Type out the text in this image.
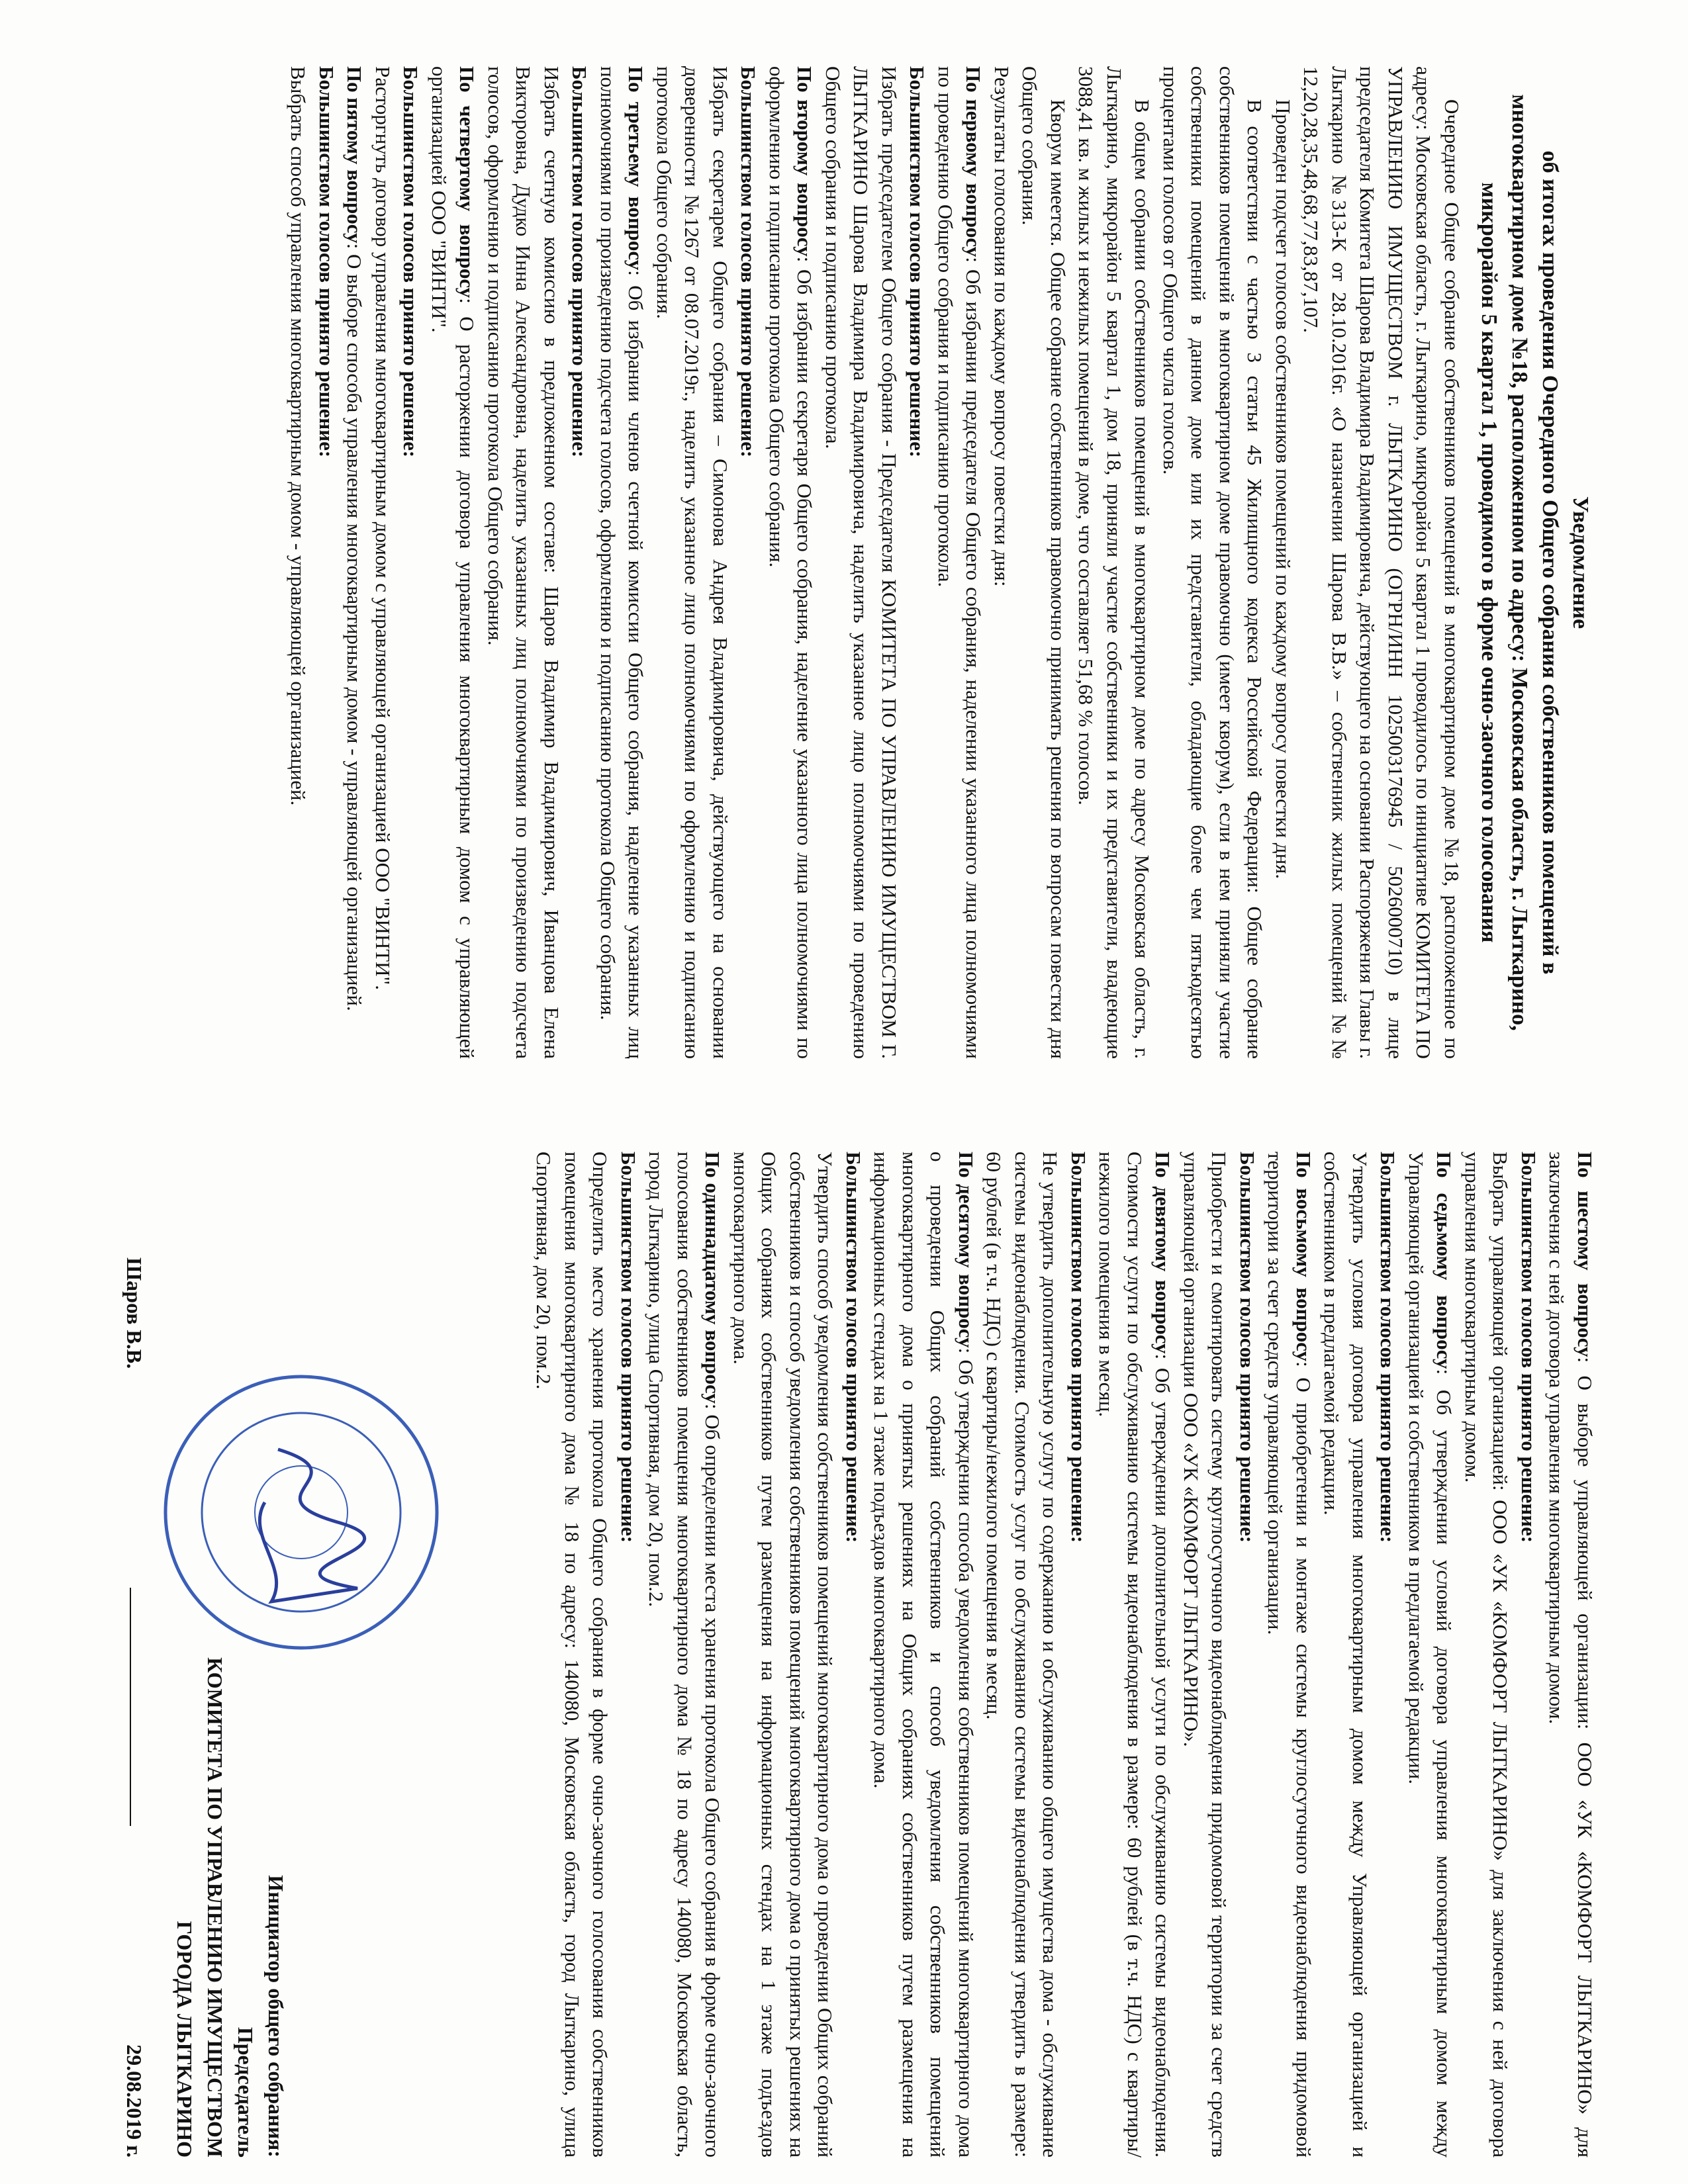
Уведомление
об итогах проведения Очередного Общего собрания собственников помещений в
многоквартирном доме №18, расположенном по адресу: Московская область, г. Лыткарино,
микрорайон 5 квартал 1, проводимого в форме очно-заочного голосования

Очередное Общее собрание собственников помещений в многоквартирном доме №18, расположенное по адресу: Московская область, г. Лыткарино, микрорайон 5 квартал 1 проводилось по инициативе КОМИТЕТА ПО УПРАВЛЕНИЮ ИМУЩЕСТВОМ г. ЛЫТКАРИНО (ОГРН/ИНН 1025003176945 / 5026000710) в лице председателя Комитета Шарова Владимира Владимировича, действующего на основании Распоряжения Главы г. Лыткарино №313-К от 28.10.2016г. «О назначении Шарова В.В.» – собственник жилых помещений №№ 12,20,28,35,48,68,77,83,87,107.

Проведен подсчет голосов собственников помещений по каждому вопросу повестки дня.

В соответствии с частью 3 статьи 45 Жилищного кодекса Российской Федерации: Общее собрание собственников помещений в многоквартирном доме правомочно (имеет кворум), если в нем приняли участие собственники помещений в данном доме или их представители, обладающие более чем пятьюдесятью процентами голосов от Общего числа голосов.

В общем собрании собственников помещений в многоквартирном доме по адресу Московская область, г. Лыткарино, микрорайон 5 квартал 1, дом 18, приняли участие собственники и их представители, владеющие 3088,41 кв. м жилых и нежилых помещений в доме, что составляет 51,68 % голосов.

Кворум имеется. Общее собрание собственников правомочно принимать решения по вопросам повестки дня Общего собрания.

Результаты голосования по каждому вопросу повестки дня:

По первому вопросу: Об избрании председателя Общего собрания, наделении указанного лица полномочиями по проведению Общего собрания и подписанию протокола.

Большинством голосов принято решение:

Избрать председателем Общего собрания - Председателя КОМИТЕТА ПО УПРАВЛЕНИЮ ИМУЩЕСТВОМ Г. ЛЫТКАРИНО Шарова Владимира Владимировича, наделить указанное лицо полномочиями по проведению Общего собрания и подписанию протокола.

По второму вопросу: Об избрании секретаря Общего собрания, наделение указанного лица полномочиями по оформлению и подписанию протокола Общего собрания.

Большинством голосов принято решение:

Избрать секретарем Общего собрания – Симонова Андрея Владимировича, действующего на основании доверенности №1267 от 08.07.2019г., наделить указанное лицо полномочиями по оформлению и подписанию протокола Общего собрания.

По третьему вопросу: Об избрании членов счетной комиссии Общего собрания, наделение указанных лиц полномочиями по произведению подсчета голосов, оформлению и подписанию протокола Общего собрания.

Большинством голосов принято решение:

Избрать счетную комиссию в предложенном составе: Шаров Владимир Владимирович, Иванцова Елена Викторовна, Дудко Инна Александровна, наделить указанных лиц полномочиями по произведению подсчета голосов, оформлению и подписанию протокола Общего собрания.

По четвертому вопросу: О расторжении договора управления многоквартирным домом с управляющей организацией ООО "ВИНТИ".

Большинством голосов принято решение:

Расторгнуть договор управления многоквартирным домом с управляющей организацией ООО "ВИНТИ".

По пятому вопросу: О выборе способа управления многоквартирным домом - управляющей организацией.

Большинством голосов принято решение:

Выбрать способ управления многоквартирным домом - управляющей организацией.

По шестому вопросу: О выборе управляющей организации: ООО «УК «КОМФОРТ ЛЫТКАРИНО» для заключения с ней договора управления многоквартирным домом.

Большинством голосов принято решение:

Выбрать управляющей организацией: ООО «УК «КОМФОРТ ЛЫТКАРИНО» для заключения с ней договора управления многоквартирным домом.

По седьмому вопросу: Об утверждении условий договора управления многоквартирным домом между Управляющей организацией и собственником в предлагаемой редакции.

Большинством голосов принято решение:

Утвердить условия договора управления многоквартирным домом между Управляющей организацией и собственником в предлагаемой редакции.

По восьмому вопросу: О приобретении и монтаже системы круглосуточного видеонаблюдения придомовой территории за счет средств управляющей организации.

Большинством голосов принято решение:

Приобрести и смонтировать систему круглосуточного видеонаблюдения придомовой территории за счет средств управляющей организации ООО «УК «КОМФОРТ ЛЫТКАРИНО».

По девятому вопросу: Об утверждении дополнительной услуги по обслуживанию системы видеонаблюдения. Стоимости услуги по обслуживанию системы видеонаблюдения в размере: 60 рублей (в т.ч. НДС) с квартиры/нежилого помещения в месяц.

Большинством голосов принято решение:

Не утвердить дополнительную услугу по содержанию и обслуживанию общего имущества дома - обслуживание системы видеонаблюдения. Стоимость услуг по обслуживанию системы видеонаблюдения утвердить в размере: 60 рублей (в т.ч. НДС) с квартиры/нежилого помещения в месяц.

По десятому вопросу: Об утверждении способа уведомления собственников помещений многоквартирного дома о проведении Общих собраний собственников и способ уведомления собственников помещений многоквартирного дома о принятых решениях на Общих собраниях собственников путем размещения на информационных стендах на 1 этаже подъездов многоквартирного дома.

Большинством голосов принято решение:

Утвердить способ уведомления собственников помещений многоквартирного дома о проведении Общих собраний собственников и способ уведомления собственников помещений многоквартирного дома о принятых решениях на Общих собраниях собственников путем размещения на информационных стендах на 1 этаже подъездов многоквартирного дома.

По одиннадцатому вопросу: Об определении места хранения протокола Общего собрания в форме очно-заочного голосования собственников помещения многоквартирного дома № 18 по адресу 140080, Московская область, город Лыткарино, улица Спортивная, дом 20, пом.2.

Большинством голосов принято решение:

Определить место хранения протокола Общего собрания в форме очно-заочного голосования собственников помещения многоквартирного дома № 18 по адресу: 140080, Московская область, город Лыткарино, улица Спортивная, дом 20, пом.2.

Инициатор общего собрания:
Председатель
КОМИТЕТА ПО УПРАВЛЕНИЮ ИМУЩЕСТВОМ
ГОРОДА ЛЫТКАРИНО
Шаров В.В.
29.08.2019 г.
